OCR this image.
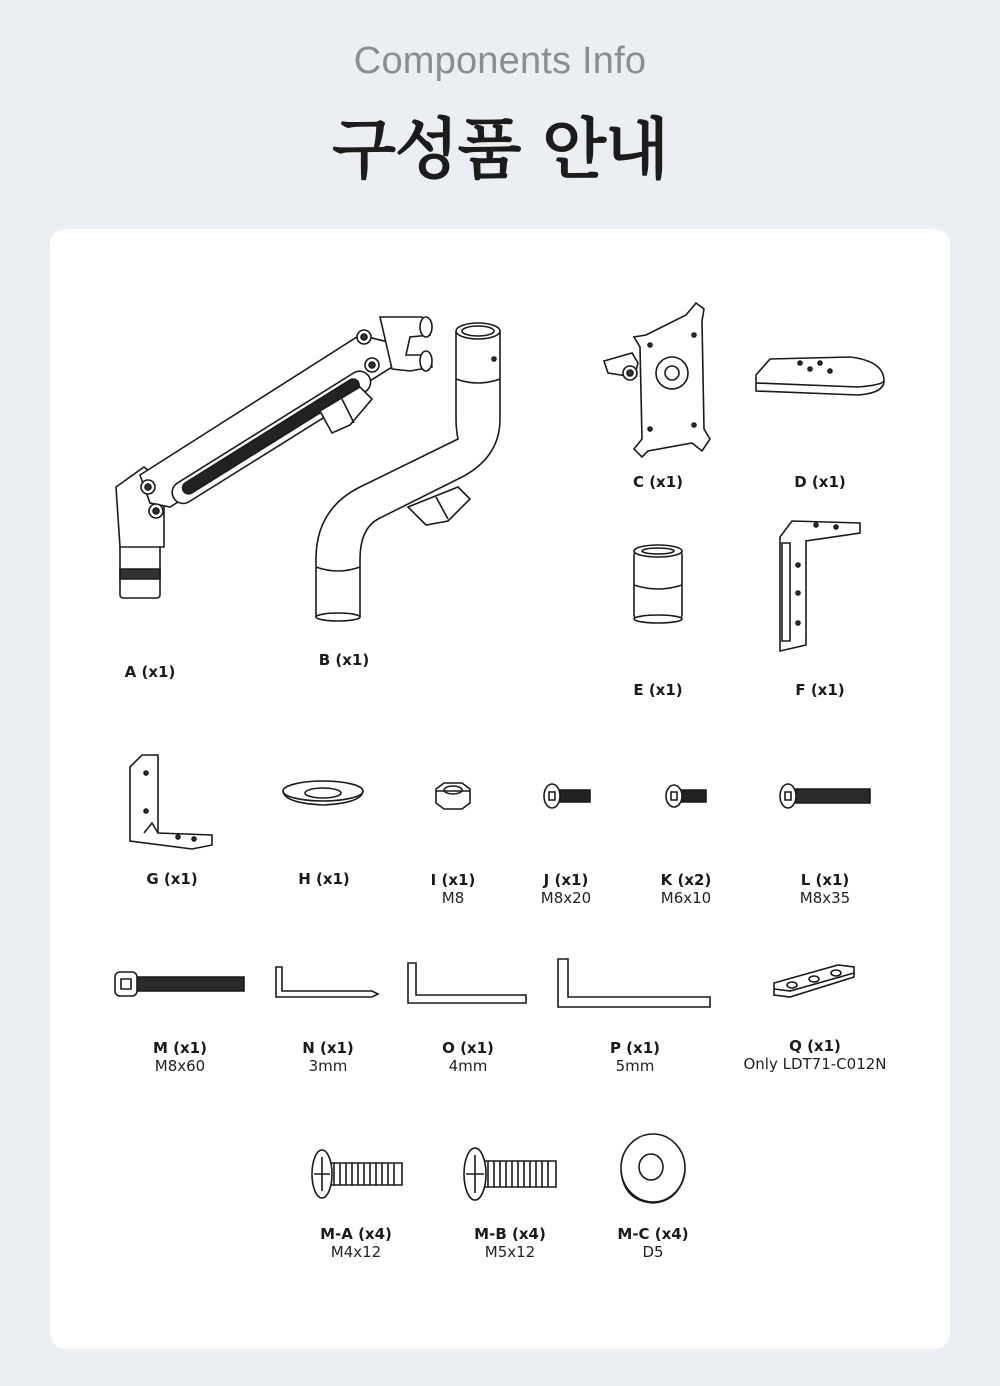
Components Info
구성품 안내
A (x1)
B (x1)
C (x1)	D (x1)
E (x1)	F (x1)
G (x1)	H (x1)	I (x1)
M8
J (x1)
M8x20
K (x2)
M6x10
L (x1)
M8x35
M (x1)
M8x60
N (x1)
3mm
O (x1)
4mm
P (x1)
5mm
Q (x1)
Only LDT71-C012N
M-A (x4)
M4x12
M-B (x4)
M5x12
M-C (x4)
D5
